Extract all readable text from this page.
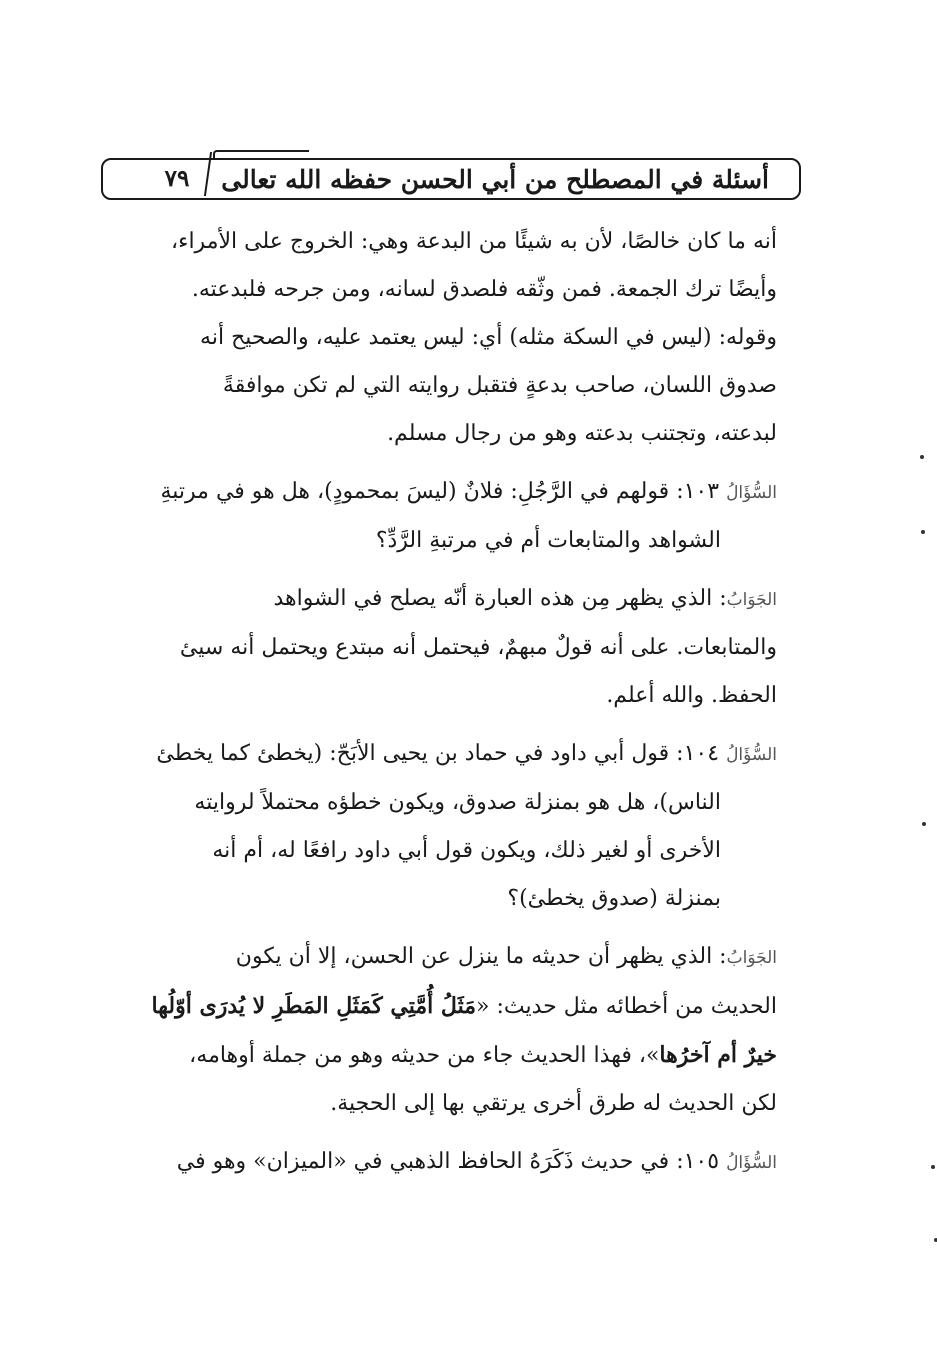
أسئلة في المصطلح من أبي الحسن حفظه الله تعالى
٧٩

أنه ما كان خالصًا، لأن به شيئًا من البدعة وهي: الخروج على الأمراء،

وأيضًا ترك الجمعة. فمن وثّقه فلصدق لسانه، ومن جرحه فلبدعته.

وقوله: (ليس في السكة مثله) أي: ليس يعتمد عليه، والصحيح أنه

صدوق اللسان، صاحب بدعةٍ فتقبل روايته التي لم تكن موافقةً

لبدعته، وتجتنب بدعته وهو من رجال مسلم.

السُّؤَالُ ١٠٣: قولهم في الرَّجُلِ: فلانٌ (ليسَ بمحمودٍ)، هل هو في مرتبةِ

الشواهد والمتابعات أم في مرتبةِ الرَّدِّ؟

الجَوَابُ: الذي يظهر مِن هذه العبارة أنّه يصلح في الشواهد

والمتابعات. على أنه قولٌ مبهمٌ، فيحتمل أنه مبتدع ويحتمل أنه سيئ

الحفظ. والله أعلم.

السُّؤَالُ ١٠٤: قول أبي داود في حماد بن يحيى الأبَحّ: (يخطئ كما يخطئ

الناس)، هل هو بمنزلة صدوق، ويكون خطؤه محتملاً لروايته

الأخرى أو لغير ذلك، ويكون قول أبي داود رافعًا له، أم أنه

بمنزلة (صدوق يخطئ)؟

الجَوَابُ: الذي يظهر أن حديثه ما ينزل عن الحسن، إلا أن يكون

الحديث من أخطائه مثل حديث: «مَثَلُ أُمَّتِي كَمَثَلِ المَطَرِ لا يُدرَى أوّلُها

خيرٌ أم آخرُها»، فهذا الحديث جاء من حديثه وهو من جملة أوهامه،

لكن الحديث له طرق أخرى يرتقي بها إلى الحجية.

السُّؤَالُ ١٠٥: في حديث ذَكَرَهُ الحافظ الذهبي في «الميزان» وهو في
